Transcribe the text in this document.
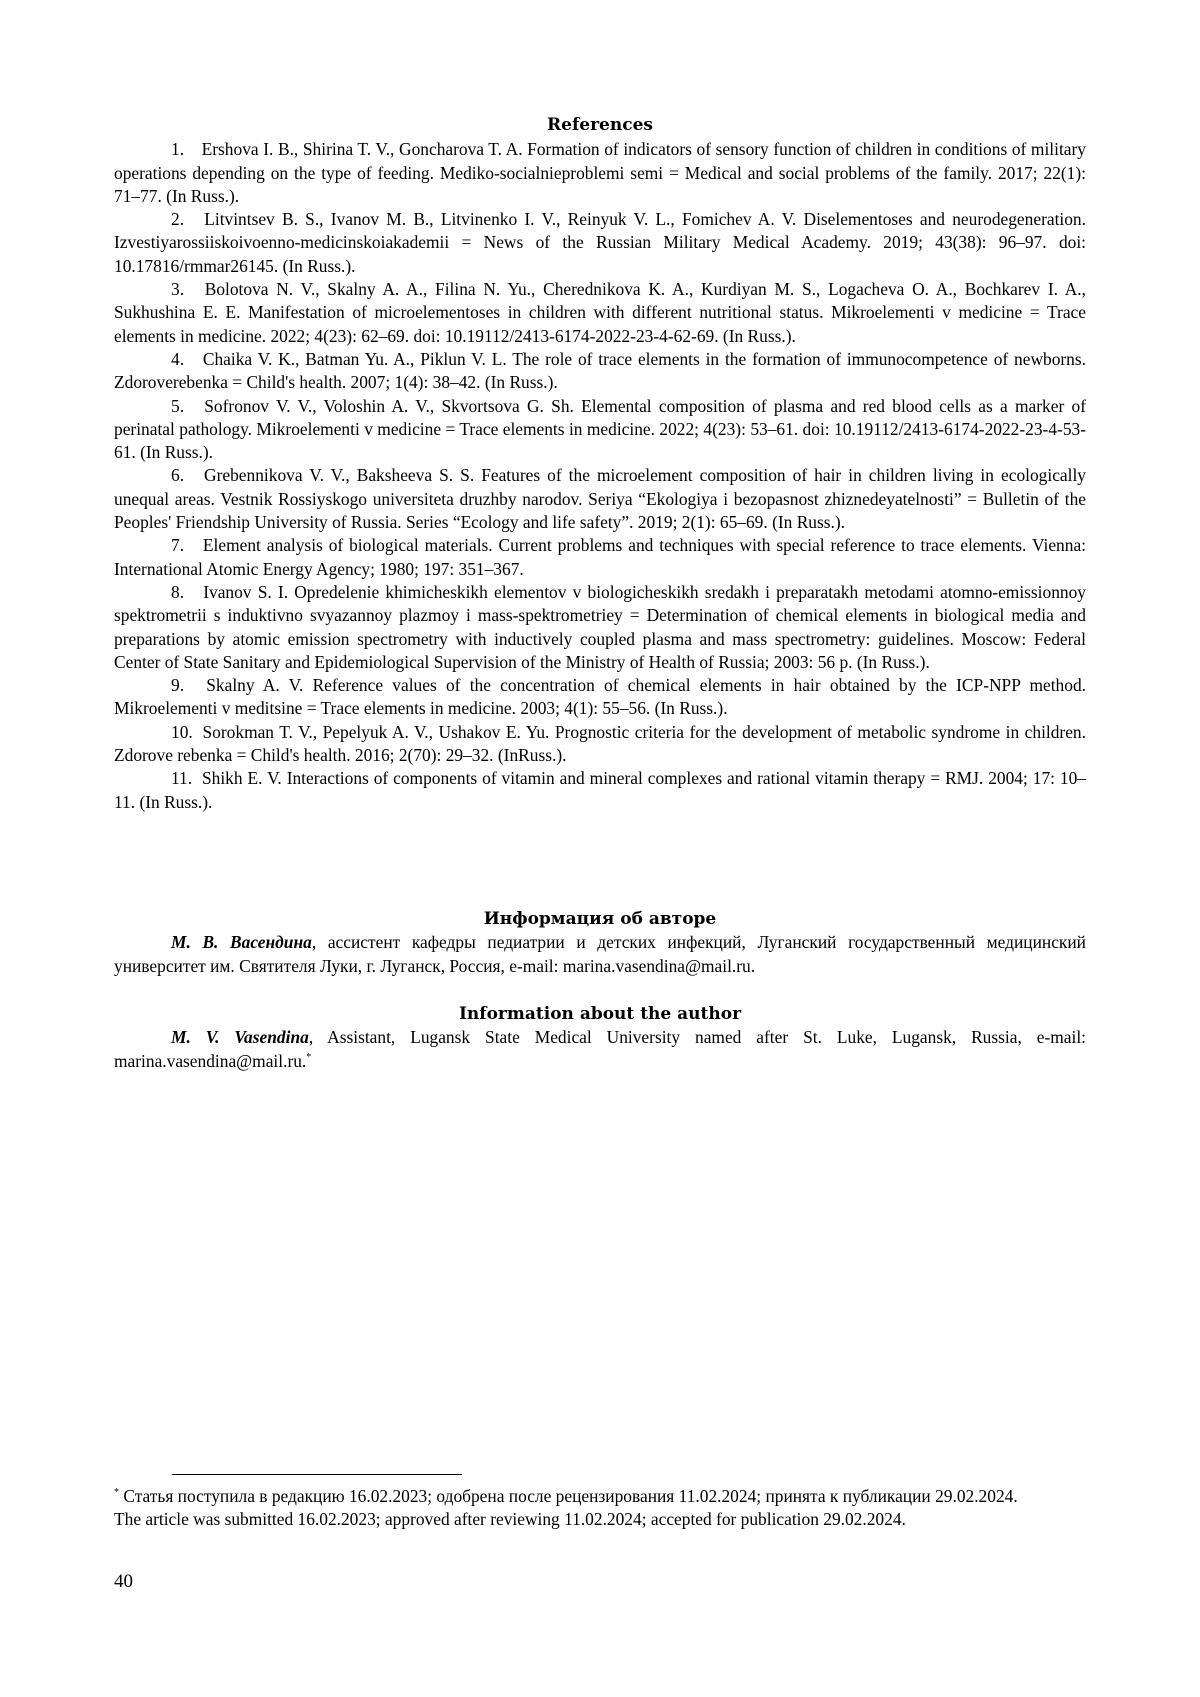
References

1. Ershova I. B., Shirina T. V., Goncharova T. A. Formation of indicators of sensory function of children in conditions of military operations depending on the type of feeding. Mediko-socialnieproblemi semi = Medical and social problems of the family. 2017; 22(1): 71–77. (In Russ.).

2. Litvintsev B. S., Ivanov M. B., Litvinenko I. V., Reinyuk V. L., Fomichev A. V. Diselementoses and neurodegeneration. Izvestiyarossiiskoivoenno-medicinskoiakademii = News of the Russian Military Medical Academy. 2019; 43(38): 96–97. doi: 10.17816/rmmar26145. (In Russ.).

3. Bolotova N. V., Skalny A. A., Filina N. Yu., Cherednikova K. A., Kurdiyan M. S., Logacheva O. A., Bochkarev I. A., Sukhushina E. E. Manifestation of microelementoses in children with different nutritional status. Mikroelementi v medicine = Trace elements in medicine. 2022; 4(23): 62–69. doi: 10.19112/2413-6174-2022-23-4-62-69. (In Russ.).

4. Chaika V. K., Batman Yu. A., Piklun V. L. The role of trace elements in the formation of immunocompetence of newborns. Zdoroverebenka = Child's health. 2007; 1(4): 38–42. (In Russ.).

5. Sofronov V. V., Voloshin A. V., Skvortsova G. Sh. Elemental composition of plasma and red blood cells as a marker of perinatal pathology. Mikroelementi v medicine = Trace elements in medicine. 2022; 4(23): 53–61. doi: 10.19112/2413-6174-2022-23-4-53-61. (In Russ.).

6. Grebennikova V. V., Baksheeva S. S. Features of the microelement composition of hair in children living in ecologically unequal areas. Vestnik Rossiyskogo universiteta druzhby narodov. Seriya “Ekologiya i bezopasnost zhiznedeyatelnosti” = Bulletin of the Peoples' Friendship University of Russia. Series “Ecology and life safety”. 2019; 2(1): 65–69. (In Russ.).

7. Element analysis of biological materials. Current problems and techniques with special reference to trace elements. Vienna: International Atomic Energy Agency; 1980; 197: 351–367.

8. Ivanov S. I. Opredelenie khimicheskikh elementov v biologicheskikh sredakh i preparatakh metodami atomno-emissionnoy spektrometrii s induktivno svyazannoy plazmoy i mass-spektrometriey = Determination of chemical elements in biological media and preparations by atomic emission spectrometry with inductively coupled plasma and mass spectrometry: guidelines. Moscow: Federal Center of State Sanitary and Epidemiological Supervision of the Ministry of Health of Russia; 2003: 56 p. (In Russ.).

9. Skalny A. V. Reference values of the concentration of chemical elements in hair obtained by the ICP-NPP method. Mikroelementi v meditsine = Trace elements in medicine. 2003; 4(1): 55–56. (In Russ.).

10. Sorokman T. V., Pepelyuk A. V., Ushakov E. Yu. Prognostic criteria for the development of metabolic syndrome in children. Zdorove rebenka = Child's health. 2016; 2(70): 29–32. (InRuss.).

11. Shikh E. V. Interactions of components of vitamin and mineral complexes and rational vitamin therapy = RMJ. 2004; 17: 10–11. (In Russ.).

Информация об авторе

М. В. Васендина, ассистент кафедры педиатрии и детских инфекций, Луганский государственный медицинский университет им. Святителя Луки, г. Луганск, Россия, e-mail: marina.vasendina@mail.ru.

Information about the author

M. V. Vasendina, Assistant, Lugansk State Medical University named after St. Luke, Lugansk, Russia, e-mail: marina.vasendina@mail.ru.*

* Статья поступила в редакцию 16.02.2023; одобрена после рецензирования 11.02.2024; принята к публикации 29.02.2024.

The article was submitted 16.02.2023; approved after reviewing 11.02.2024; accepted for publication 29.02.2024.

40
